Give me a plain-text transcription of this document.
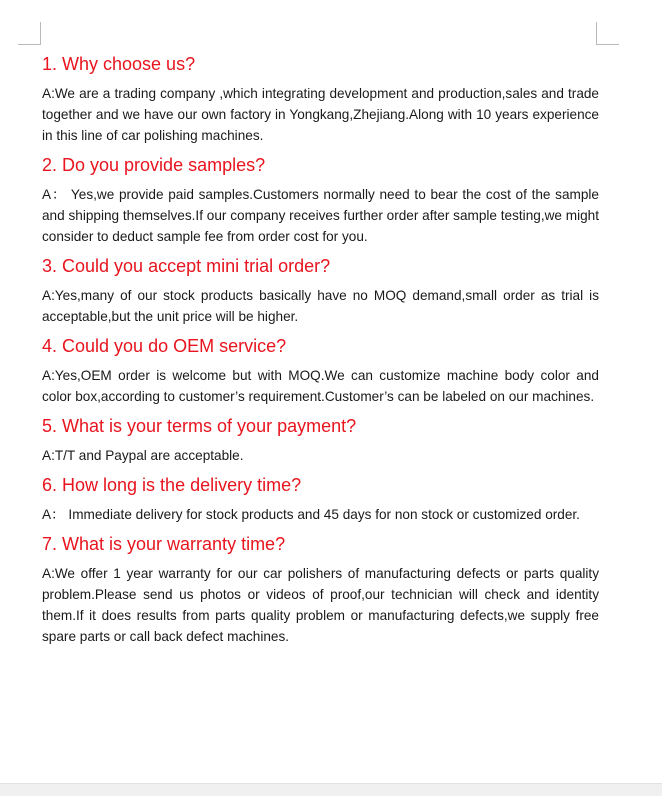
1. Why choose us?

A:We are a trading company ,which integrating development and production,sales and trade together and we have our own factory in Yongkang,Zhejiang.Along with 10 years experience in this line of car polishing machines.

2. Do you provide samples?

A： Yes,we provide paid samples.Customers normally need to bear the cost of the sample and shipping themselves.If our company receives further order after sample testing,we might consider to deduct sample fee from order cost for you.

3. Could you accept mini trial order?

A:Yes,many of our stock products basically have no MOQ demand,small order as trial is acceptable,but the unit price will be higher.

4. Could you do OEM service?

A:Yes,OEM order is welcome but with MOQ.We can customize machine body color and color box,according to customer’s requirement.Customer’s can be labeled on our machines.

5. What is your terms of your payment?

A:T/T and Paypal are acceptable.

6. How long is the delivery time?

A： Immediate delivery for stock products and 45 days for non stock or customized order.

7. What is your warranty time?

A:We offer 1 year warranty for our car polishers of manufacturing defects or parts quality problem.Please send us photos or videos of proof,our technician will check and identity them.If it does results from parts quality problem or manufacturing defects,we supply free spare parts or call back defect machines.
